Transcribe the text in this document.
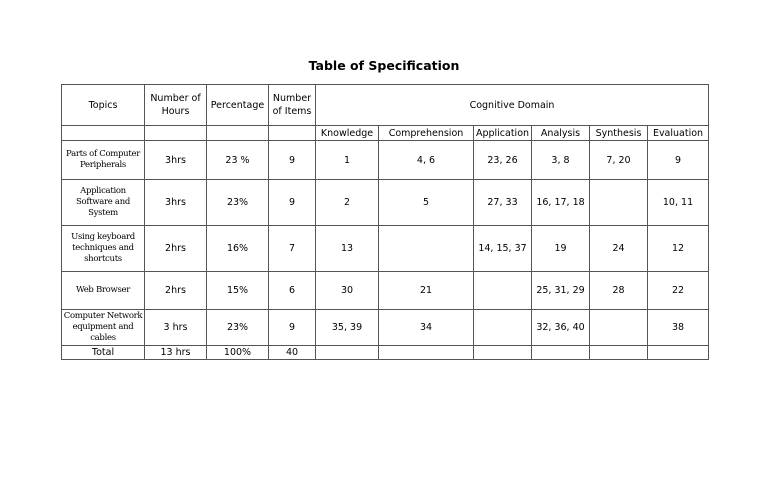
Table of Specification
Topics	Number of Hours	Percentage	Number of Items	Cognitive Domain					
				Knowledge	Comprehension	Application	Analysis	Synthesis	Evaluation
Parts of Computer Peripherals	3hrs	23 %	9	1	4, 6	23, 26	3, 8	7, 20	9
Application Software and System	3hrs	23%	9	2	5	27, 33	16, 17, 18		10, 11
Using keyboard techniques and shortcuts	2hrs	16%	7	13		14, 15, 37	19	24	12
Web Browser	2hrs	15%	6	30	21		25, 31, 29	28	22
Computer Network equipment and cables	3 hrs	23%	9	35, 39	34		32, 36, 40		38
Total	13 hrs	100%	40						
